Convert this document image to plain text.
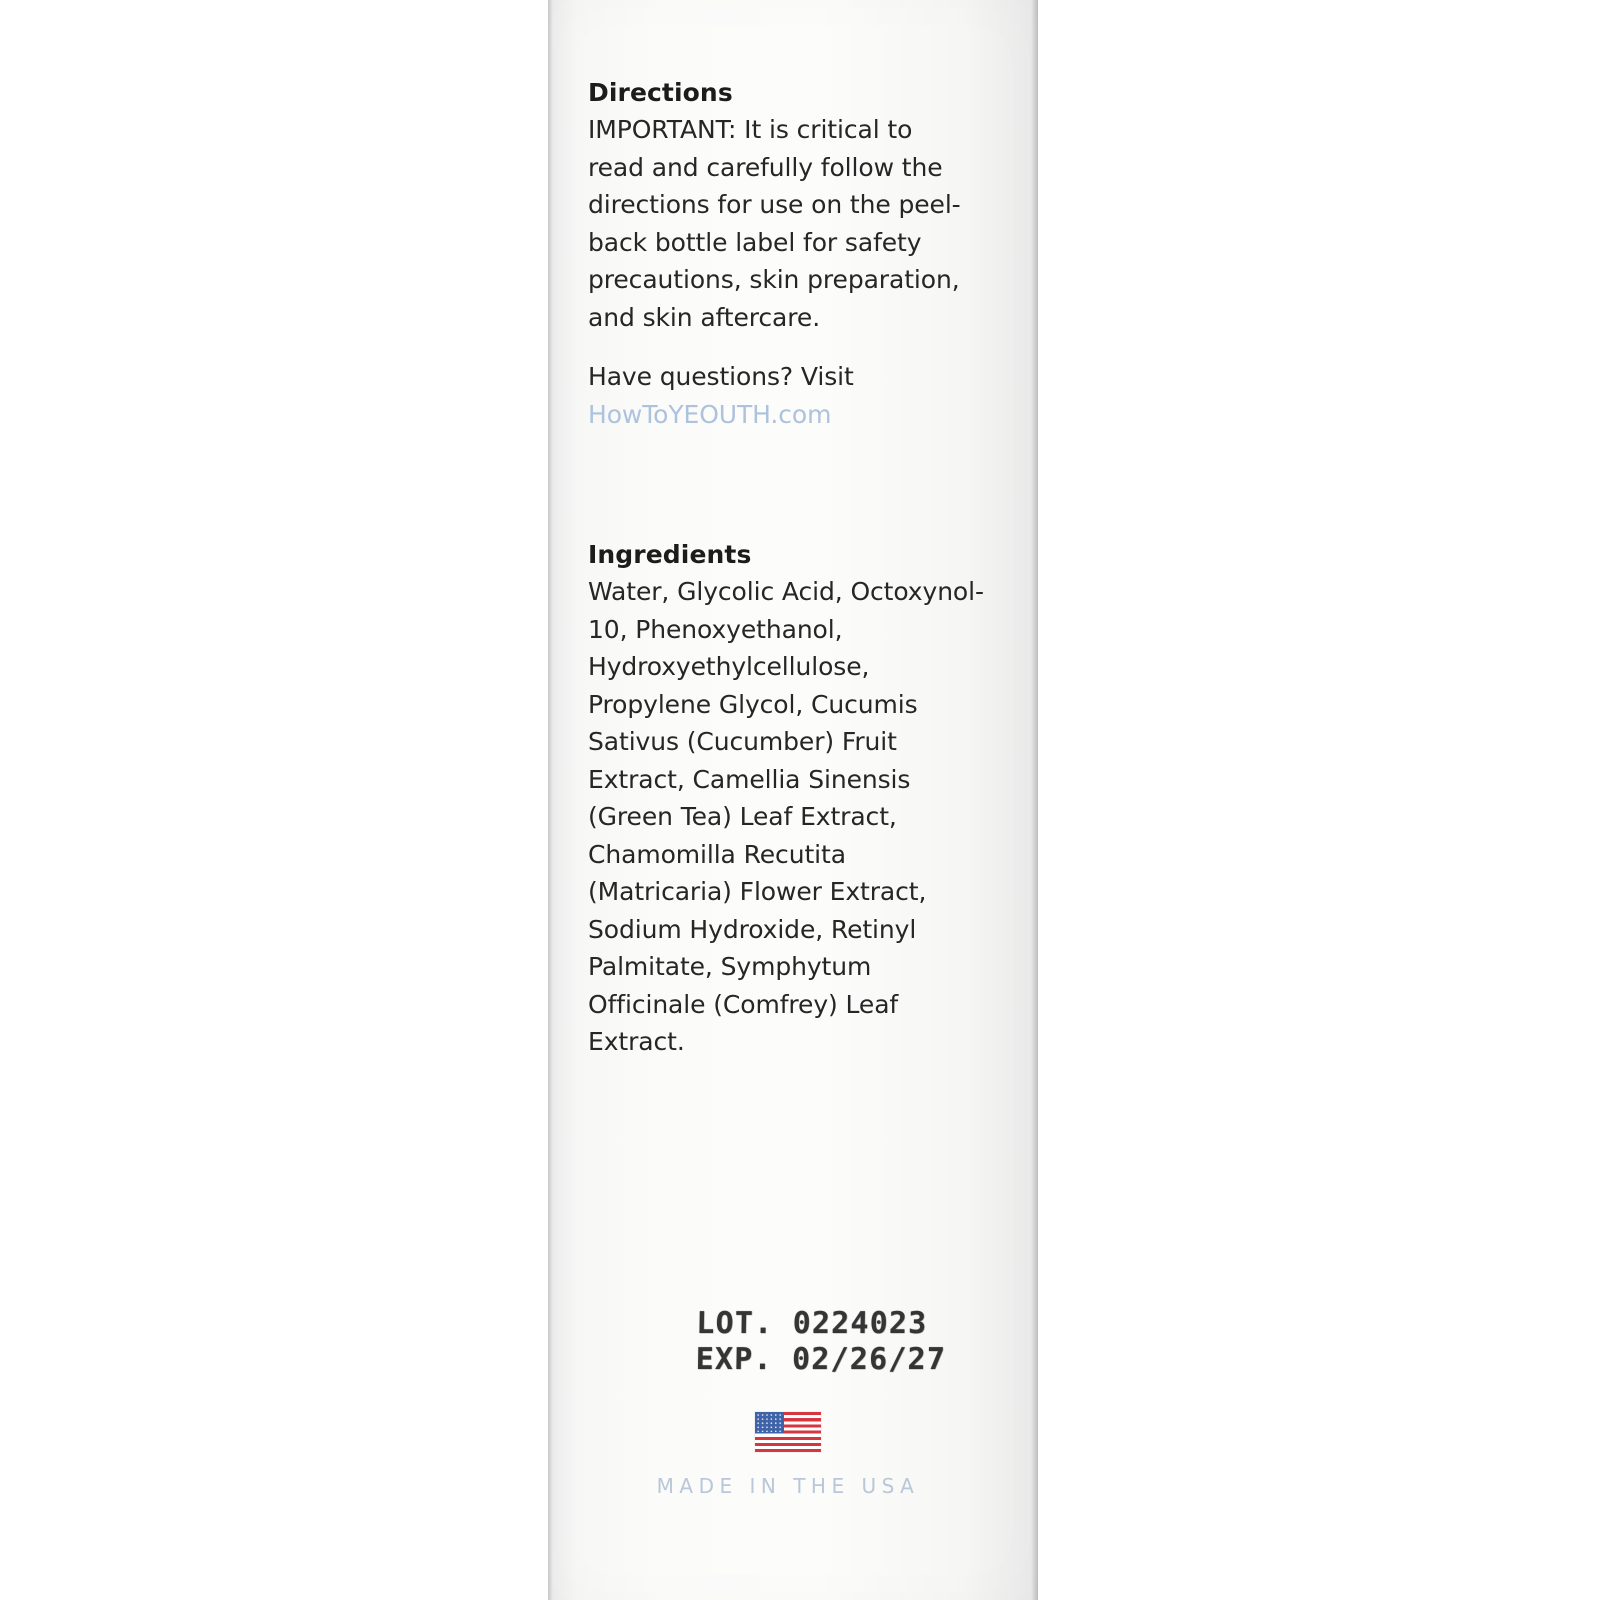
Directions
IMPORTANT: It is critical to read and carefully follow the directions for use on the peel-back bottle label for safety precautions, skin preparation, and skin aftercare.
Have questions? Visit
HowToYEOUTH.com
Ingredients
Water, Glycolic Acid, Octoxynol-10, Phenoxyethanol, Hydroxyethylcellulose, Propylene Glycol, Cucumis Sativus (Cucumber) Fruit Extract, Camellia Sinensis (Green Tea) Leaf Extract, Chamomilla Recutita (Matricaria) Flower Extract, Sodium Hydroxide, Retinyl Palmitate, Symphytum Officinale (Comfrey) Leaf Extract.
LOT. 0224023
EXP. 02/26/27
MADE IN THE USA
